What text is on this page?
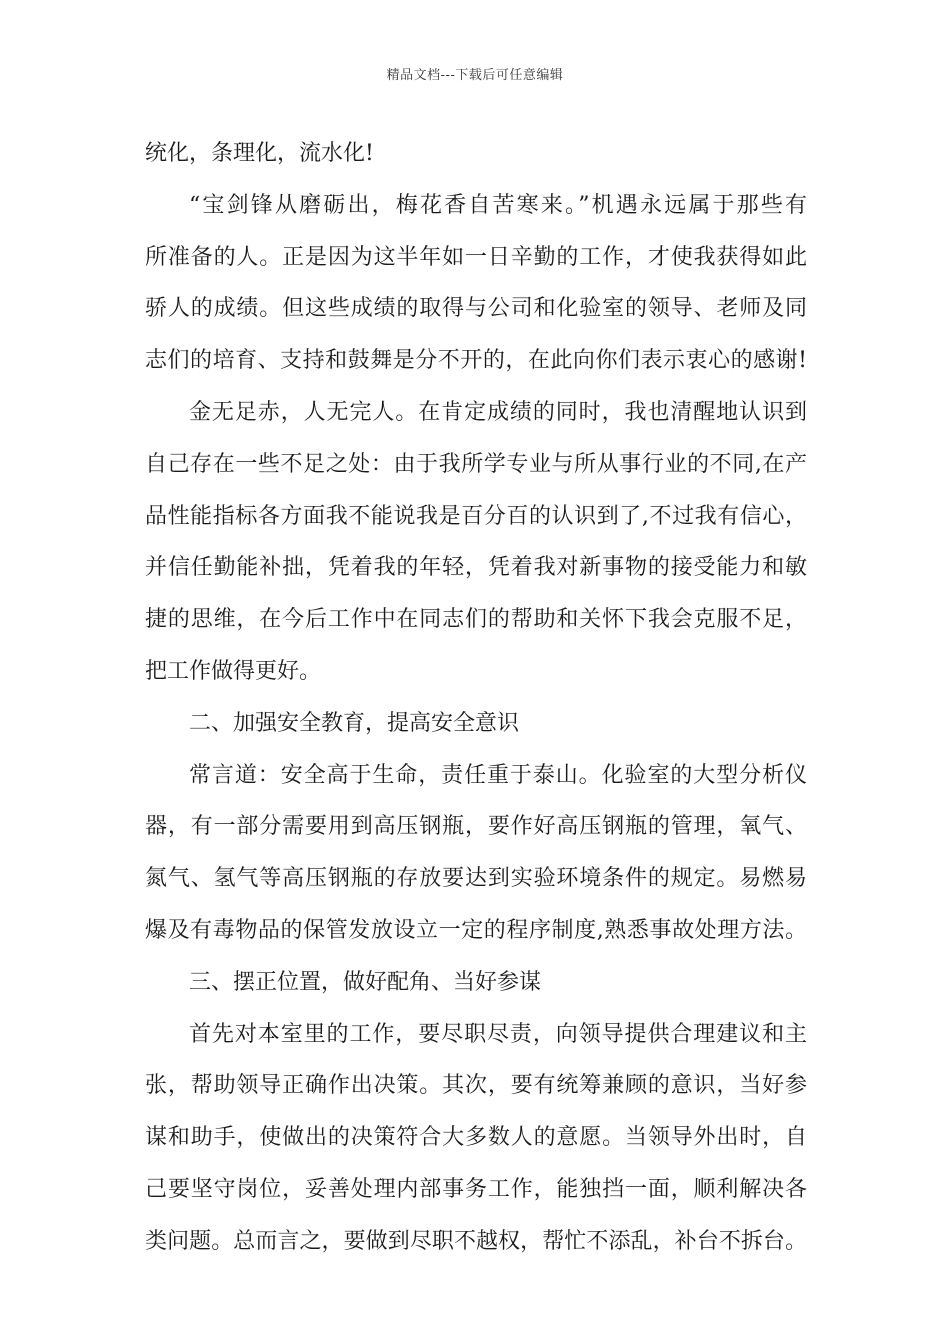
精品文档---下载后可任意编辑
统化，条理化，流水化!
“宝剑锋从磨砺出，梅花香自苦寒来。”机遇永远属于那些有
所准备的人。正是因为这半年如一日辛勤的工作，才使我获得如此
骄人的成绩。但这些成绩的取得与公司和化验室的领导、老师及同
志们的培育、支持和鼓舞是分不开的，在此向你们表示衷心的感谢!
金无足赤，人无完人。在肯定成绩的同时，我也清醒地认识到
自己存在一些不足之处：由于我所学专业与所从事行业的不同,在产
品性能指标各方面我不能说我是百分百的认识到了,不过我有信心，
并信任勤能补拙，凭着我的年轻，凭着我对新事物的接受能力和敏
捷的思维，在今后工作中在同志们的帮助和关怀下我会克服不足，
把工作做得更好。
二、加强安全教育，提高安全意识
常言道：安全高于生命，责任重于泰山。化验室的大型分析仪
器，有一部分需要用到高压钢瓶，要作好高压钢瓶的管理，氧气、
氮气、氢气等高压钢瓶的存放要达到实验环境条件的规定。易燃易
爆及有毒物品的保管发放设立一定的程序制度,熟悉事故处理方法。
三、摆正位置，做好配角、当好参谋
首先对本室里的工作，要尽职尽责，向领导提供合理建议和主
张，帮助领导正确作出决策。其次，要有统筹兼顾的意识，当好参
谋和助手，使做出的决策符合大多数人的意愿。当领导外出时，自
己要坚守岗位，妥善处理内部事务工作，能独挡一面，顺利解决各
类问题。总而言之，要做到尽职不越权，帮忙不添乱，补台不拆台。
